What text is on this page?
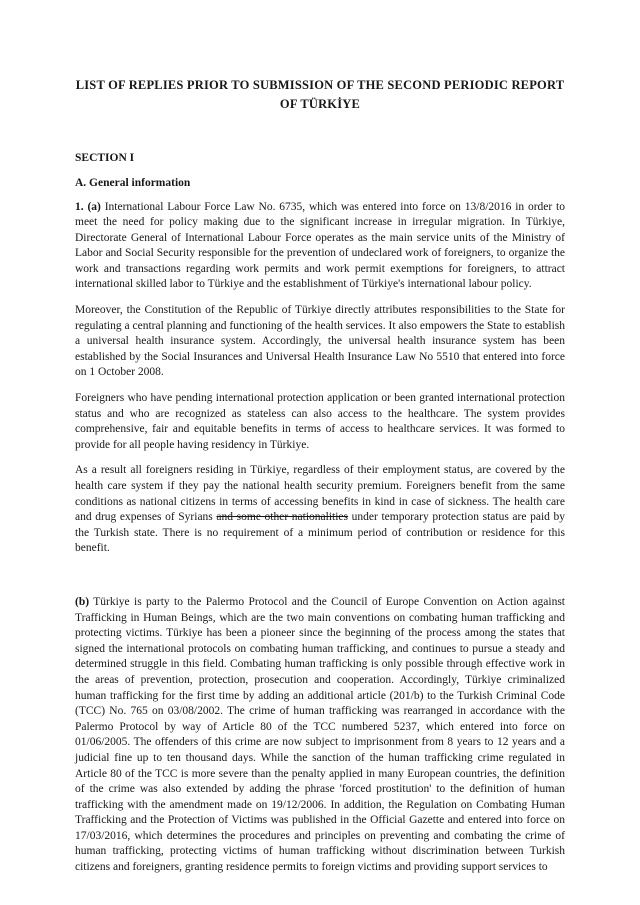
LIST OF REPLIES PRIOR TO SUBMISSION OF THE SECOND PERIODIC REPORT OF TÜRKİYE
SECTION I
A. General information

1. (a) International Labour Force Law No. 6735, which was entered into force on 13/8/2016 in order to meet the need for policy making due to the significant increase in irregular migration. In Türkiye, Directorate General of International Labour Force operates as the main service units of the Ministry of Labor and Social Security responsible for the prevention of undeclared work of foreigners, to organize the work and transactions regarding work permits and work permit exemptions for foreigners, to attract international skilled labor to Türkiye and the establishment of Türkiye's international labour policy.

Moreover, the Constitution of the Republic of Türkiye directly attributes responsibilities to the State for regulating a central planning and functioning of the health services. It also empowers the State to establish a universal health insurance system. Accordingly, the universal health insurance system has been established by the Social Insurances and Universal Health Insurance Law No 5510 that entered into force on 1 October 2008.

Foreigners who have pending international protection application or been granted international protection status and who are recognized as stateless can also access to the healthcare. The system provides comprehensive, fair and equitable benefits in terms of access to healthcare services. It was formed to provide for all people having residency in Türkiye.

As a result all foreigners residing in Türkiye, regardless of their employment status, are covered by the health care system if they pay the national health security premium. Foreigners benefit from the same conditions as national citizens in terms of accessing benefits in kind in case of sickness. The health care and drug expenses of Syrians and some other nationalities under temporary protection status are paid by the Turkish state. There is no requirement of a minimum period of contribution or residence for this benefit.

(b) Türkiye is party to the Palermo Protocol and the Council of Europe Convention on Action against Trafficking in Human Beings, which are the two main conventions on combating human trafficking and protecting victims. Türkiye has been a pioneer since the beginning of the process among the states that signed the international protocols on combating human trafficking, and continues to pursue a steady and determined struggle in this field. Combating human trafficking is only possible through effective work in the areas of prevention, protection, prosecution and cooperation. Accordingly, Türkiye criminalized human trafficking for the first time by adding an additional article (201/b) to the Turkish Criminal Code (TCC) No. 765 on 03/08/2002. The crime of human trafficking was rearranged in accordance with the Palermo Protocol by way of Article 80 of the TCC numbered 5237, which entered into force on 01/06/2005. The offenders of this crime are now subject to imprisonment from 8 years to 12 years and a judicial fine up to ten thousand days. While the sanction of the human trafficking crime regulated in Article 80 of the TCC is more severe than the penalty applied in many European countries, the definition of the crime was also extended by adding the phrase 'forced prostitution' to the definition of human trafficking with the amendment made on 19/12/2006. In addition, the Regulation on Combating Human Trafficking and the Protection of Victims was published in the Official Gazette and entered into force on 17/03/2016, which determines the procedures and principles on preventing and combating the crime of human trafficking, protecting victims of human trafficking without discrimination between Turkish citizens and foreigners, granting residence permits to foreign victims and providing support services to
